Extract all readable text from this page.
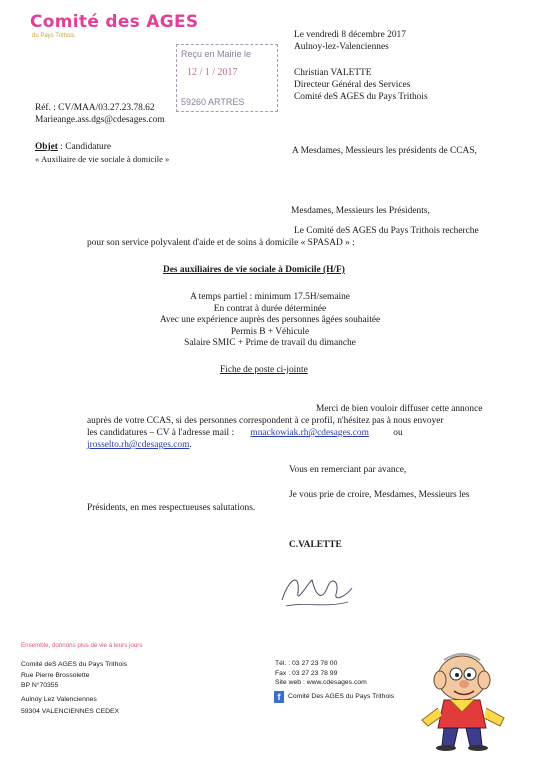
Comité des AGES
du Pays Trithois
Reçu en Mairie le
12 / 1 / 2017
59260 ARTRES
Le vendredi 8 décembre 2017
Aulnoy-lez-Valenciennes
Christian VALETTE
Directeur Général des Services
Comité deS AGES du Pays Trithois
Réf. : CV/MAA/03.27.23.78.62
Marieange.ass.dgs@cdesages.com
Objet : Candidature
« Auxiliaire de vie sociale à domicile »
A Mesdames, Messieurs les présidents de CCAS,
Mesdames, Messieurs les Présidents,
Le Comité deS AGES du Pays Trithois recherche
pour son service polyvalent d'aide et de soins à domicile « SPASAD » :
Des auxiliaires de vie sociale à Domicile (H/F)
A temps partiel : minimum 17.5H/semaine
En contrat à durée déterminée
Avec une expérience auprès des personnes âgées souhaitée
Permis B + Véhicule
Salaire SMIC + Prime de travail du dimanche
Fiche de poste ci-jointe
Merci de bien vouloir diffuser cette annonce
auprès de votre CCAS, si des personnes correspondent à ce profil, n'hésitez pas à nous envoyer
les candidatures – CV à l'adresse mail : mnackowiak.rh@cdesages.com	ou
jrosselto.rh@cdesages.com.
Vous en remerciant par avance,
Je vous prie de croire, Mesdames, Messieurs les
Présidents, en mes respectueuses salutations.
C.VALETTE
Ensemble, donnons plus de vie à leurs jours
Comité deS AGES du Pays Trithois
Rue Pierre Brossolette
BP N°70355
Aulnoy Lez Valenciennes
59304 VALENCIENNES CEDEX
Tél. : 03 27 23 78 00
Fax : 03 27 23 78 99
Site web : www.cdesages.com
f	Comité Des AGES du Pays Trithois
